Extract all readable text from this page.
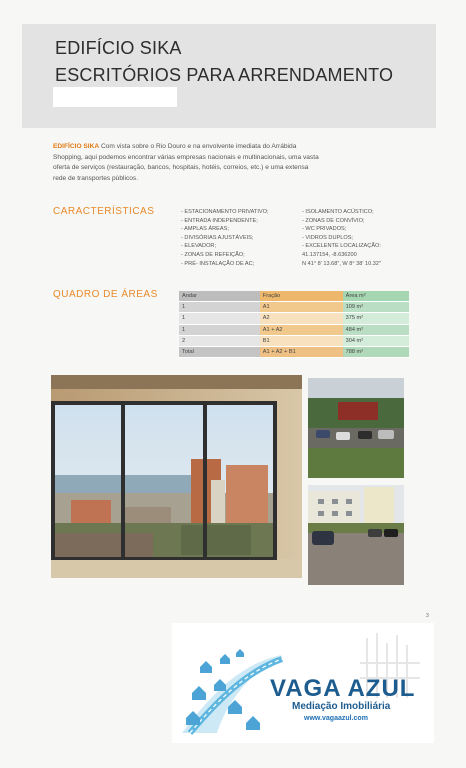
EDIFÍCIO SIKA
ESCRITÓRIOS PARA ARRENDAMENTO

EDIFÍCIO SIKA Com vista sobre o Rio Douro e na envolvente imediata do Arrábida Shopping, aqui podemos encontrar várias empresas nacionais e multinacionais, uma vasta oferta de serviços (restauração, bancos, hospitais, hotéis, correios, etc.) e uma extensa rede de transportes públicos.

CARACTERÍSTICAS	- ESTACIONAMENTO PRIVATIVO;
- ENTRADA INDEPENDENTE;
- AMPLAS ÁREAS;
- DIVISÓRIAS AJUSTÁVEIS;
- ELEVADOR;
- ZONAS DE REFEIÇÃO;
- PRÉ- INSTALAÇÃO DE AC;
- ISOLAMENTO ACÚSTICO;
- ZONAS DE CONVÍVIO;
- WC PRIVADOS;
- VIDROS DUPLOS;
- EXCELENTE LOCALIZAÇÃO:
41.137154, -8.636200
N 41° 8' 13.68", W 8° 38' 10.32"
QUADRO DE ÁREAS	Andar	Fração	Área m²
1	A1	109 m²
1	A2	375 m²
1	A1 + A2	484 m²
2	B1	304 m²
Total	A1 + A2 + B1	788 m²
3
VAGA AZUL
Mediação Imobiliária
www.vagaazul.com
